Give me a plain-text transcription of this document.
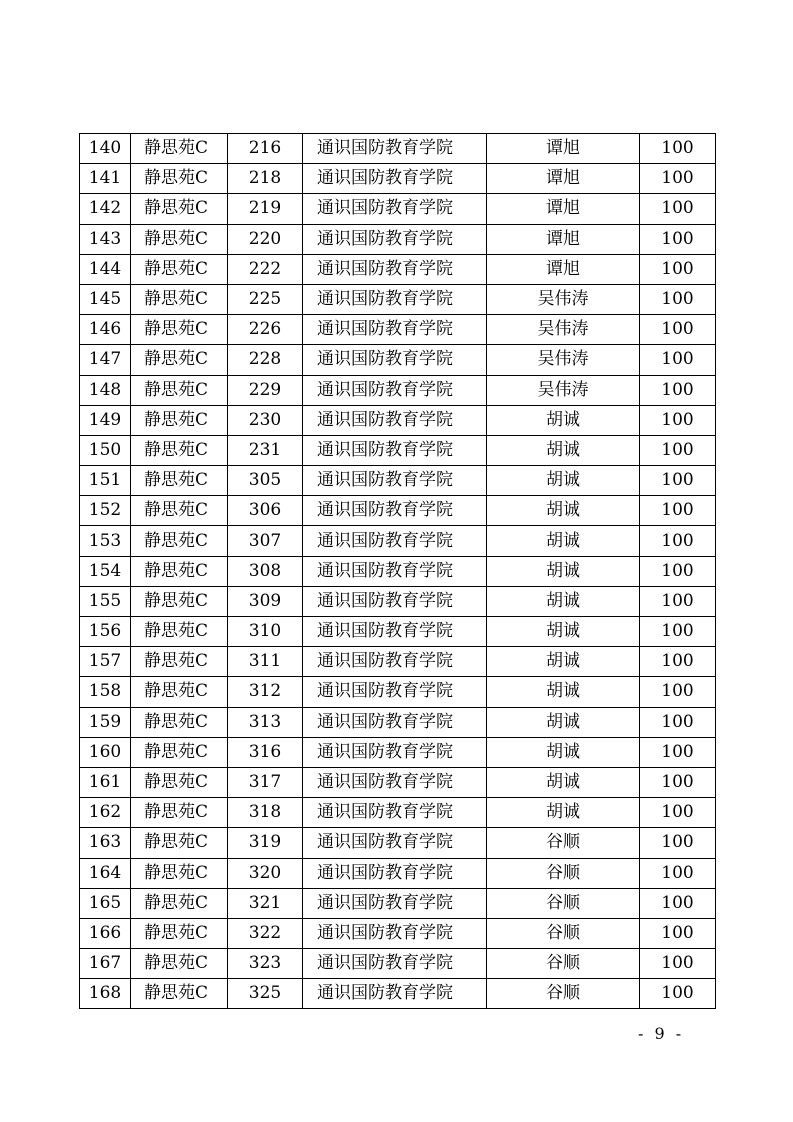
140	静思苑C	216	通识国防教育学院	谭旭	100
141	静思苑C	218	通识国防教育学院	谭旭	100
142	静思苑C	219	通识国防教育学院	谭旭	100
143	静思苑C	220	通识国防教育学院	谭旭	100
144	静思苑C	222	通识国防教育学院	谭旭	100
145	静思苑C	225	通识国防教育学院	吴伟涛	100
146	静思苑C	226	通识国防教育学院	吴伟涛	100
147	静思苑C	228	通识国防教育学院	吴伟涛	100
148	静思苑C	229	通识国防教育学院	吴伟涛	100
149	静思苑C	230	通识国防教育学院	胡诚	100
150	静思苑C	231	通识国防教育学院	胡诚	100
151	静思苑C	305	通识国防教育学院	胡诚	100
152	静思苑C	306	通识国防教育学院	胡诚	100
153	静思苑C	307	通识国防教育学院	胡诚	100
154	静思苑C	308	通识国防教育学院	胡诚	100
155	静思苑C	309	通识国防教育学院	胡诚	100
156	静思苑C	310	通识国防教育学院	胡诚	100
157	静思苑C	311	通识国防教育学院	胡诚	100
158	静思苑C	312	通识国防教育学院	胡诚	100
159	静思苑C	313	通识国防教育学院	胡诚	100
160	静思苑C	316	通识国防教育学院	胡诚	100
161	静思苑C	317	通识国防教育学院	胡诚	100
162	静思苑C	318	通识国防教育学院	胡诚	100
163	静思苑C	319	通识国防教育学院	谷顺	100
164	静思苑C	320	通识国防教育学院	谷顺	100
165	静思苑C	321	通识国防教育学院	谷顺	100
166	静思苑C	322	通识国防教育学院	谷顺	100
167	静思苑C	323	通识国防教育学院	谷顺	100
168	静思苑C	325	通识国防教育学院	谷顺	100
- 9 -
